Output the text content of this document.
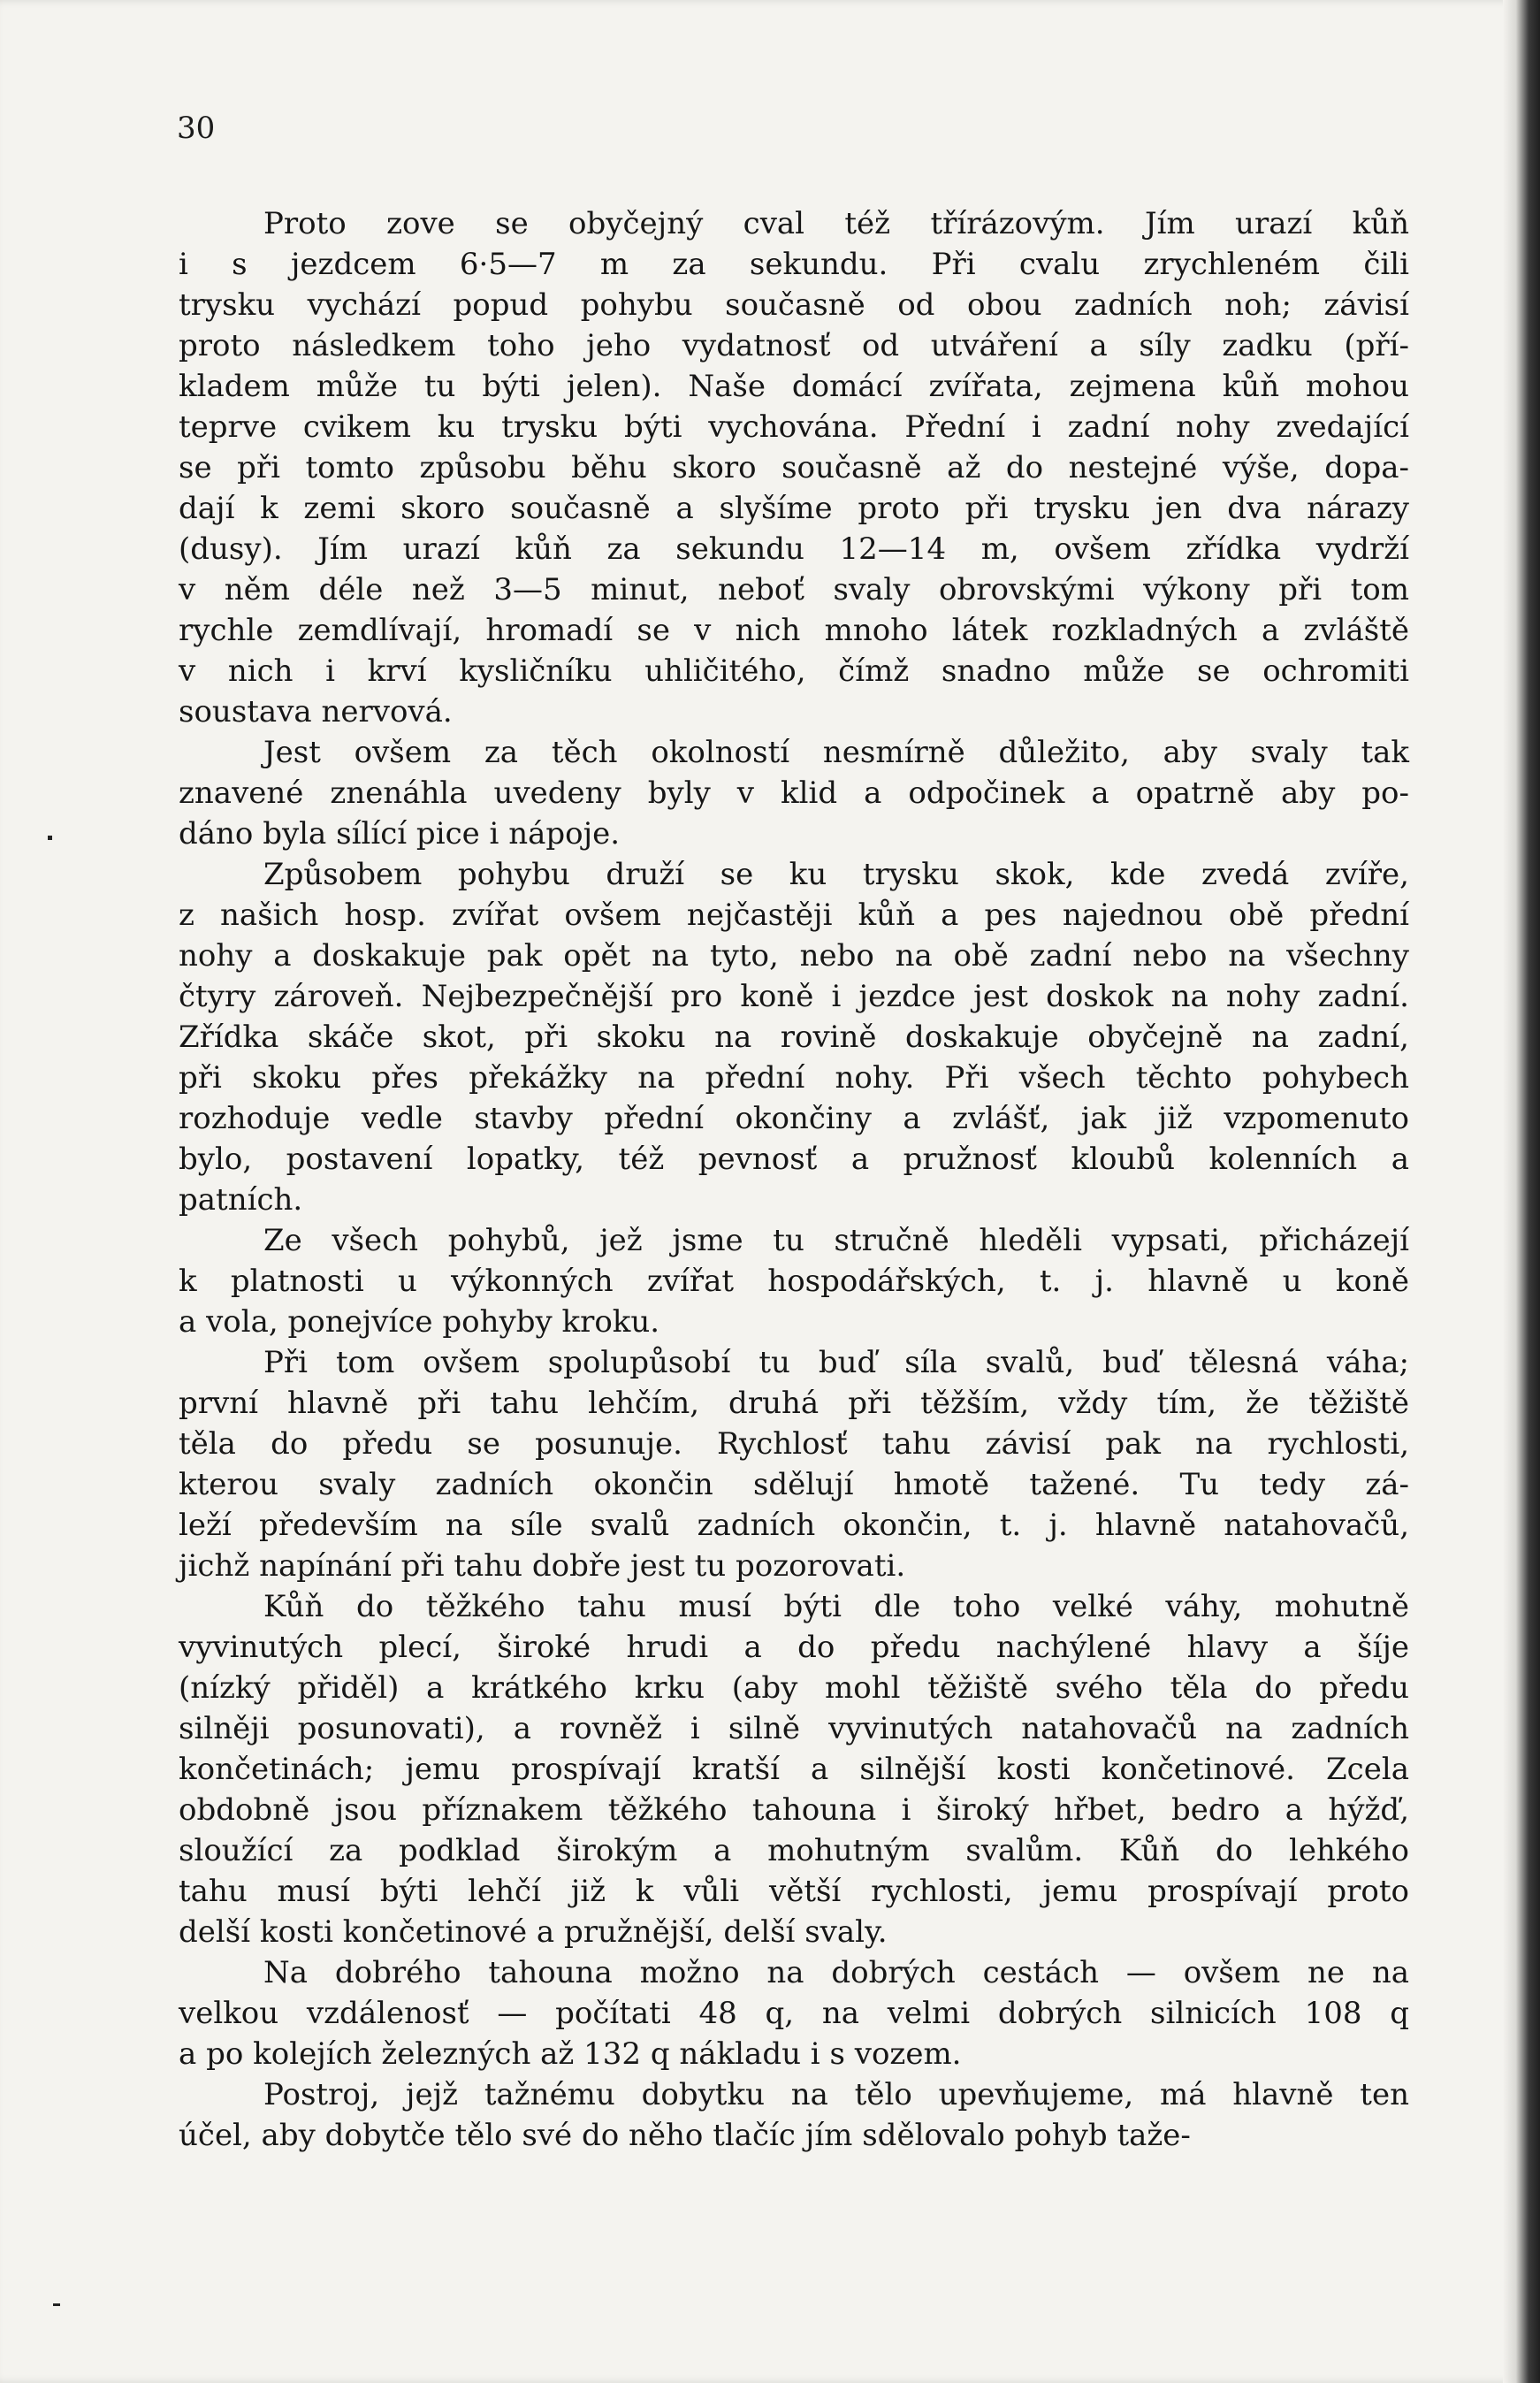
30

Proto zove se obyčejný cval též třírázovým. Jím urazí kůň
i s jezdcem 6·5—7 m za sekundu. Při cvalu zrychleném čili
trysku vychází popud pohybu současně od obou zadních noh; závisí
proto následkem toho jeho vydatnosť od utváření a síly zadku (pří-
kladem může tu býti jelen). Naše domácí zvířata, zejmena kůň mohou
teprve cvikem ku trysku býti vychována. Přední i zadní nohy zvedající
se při tomto způsobu běhu skoro současně až do nestejné výše, dopa-
dají k zemi skoro současně a slyšíme proto při trysku jen dva nárazy
(dusy). Jím urazí kůň za sekundu 12—14 m, ovšem zřídka vydrží
v něm déle než 3—5 minut, neboť svaly obrovskými výkony při tom
rychle zemdlívají, hromadí se v nich mnoho látek rozkladných a zvláště
v nich i krví kysličníku uhličitého, čímž snadno může se ochromiti
soustava nervová.

Jest ovšem za těch okolností nesmírně důležito, aby svaly tak
znavené znenáhla uvedeny byly v klid a odpočinek a opatrně aby po-
dáno byla sílící pice i nápoje.

Způsobem pohybu druží se ku trysku skok, kde zvedá zvíře,
z našich hosp. zvířat ovšem nejčastěji kůň a pes najednou obě přední
nohy a doskakuje pak opět na tyto, nebo na obě zadní nebo na všechny
čtyry zároveň. Nejbezpečnější pro koně i jezdce jest doskok na nohy zadní.
Zřídka skáče skot, při skoku na rovině doskakuje obyčejně na zadní,
při skoku přes překážky na přední nohy. Při všech těchto pohybech
rozhoduje vedle stavby přední okončiny a zvlášť, jak již vzpomenuto
bylo, postavení lopatky, též pevnosť a pružnosť kloubů kolenních a
patních.

Ze všech pohybů, jež jsme tu stručně hleděli vypsati, přicházejí
k platnosti u výkonných zvířat hospodářských, t. j. hlavně u koně
a vola, ponejvíce pohyby kroku.

Při tom ovšem spolupůsobí tu buď síla svalů, buď tělesná váha;
první hlavně při tahu lehčím, druhá při těžším, vždy tím, že těžiště
těla do předu se posunuje. Rychlosť tahu závisí pak na rychlosti,
kterou svaly zadních okončin sdělují hmotě tažené. Tu tedy zá-
leží především na síle svalů zadních okončin, t. j. hlavně natahovačů,
jichž napínání při tahu dobře jest tu pozorovati.

Kůň do těžkého tahu musí býti dle toho velké váhy, mohutně
vyvinutých plecí, široké hrudi a do předu nachýlené hlavy a šíje
(nízký přiděl) a krátkého krku (aby mohl těžiště svého těla do předu
silněji posunovati), a rovněž i silně vyvinutých natahovačů na zadních
končetinách; jemu prospívají kratší a silnější kosti končetinové. Zcela
obdobně jsou příznakem těžkého tahouna i široký hřbet, bedro a hýžď,
sloužící za podklad širokým a mohutným svalům. Kůň do lehkého
tahu musí býti lehčí již k vůli větší rychlosti, jemu prospívají proto
delší kosti končetinové a pružnější, delší svaly.

Na dobrého tahouna možno na dobrých cestách — ovšem ne na
velkou vzdálenosť — počítati 48 q, na velmi dobrých silnicích 108 q
a po kolejích železných až 132 q nákladu i s vozem.

Postroj, jejž tažnému dobytku na tělo upevňujeme, má hlavně ten
účel, aby dobytče tělo své do něho tlačíc jím sdělovalo pohyb taže-
